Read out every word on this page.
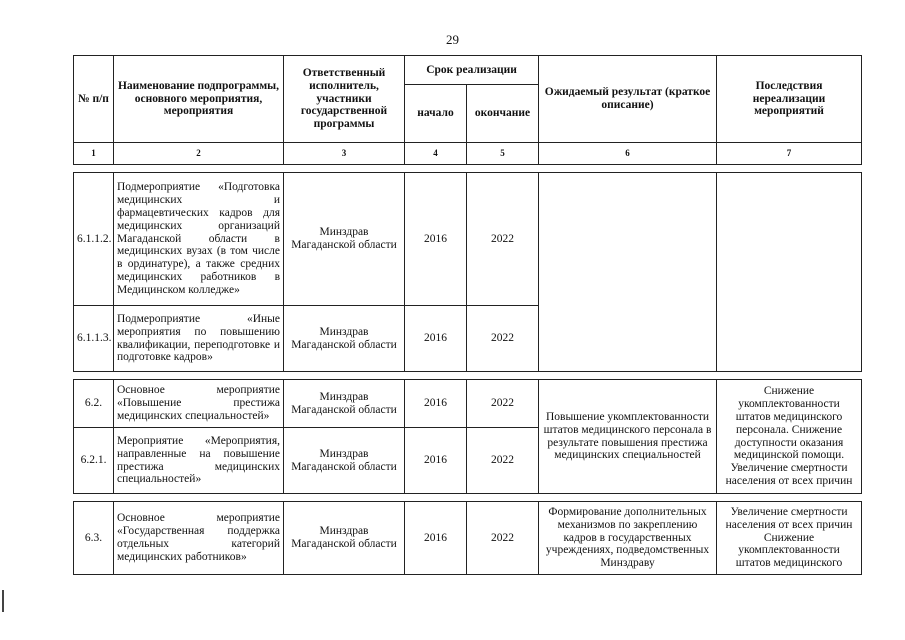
29
№ п/п	Наименование подпрограммы, основного мероприятия, мероприятия	Ответственный исполнитель, участники государственной программы	Срок реализации		Ожидаемый результат (краткое описание)	Последствия нереализации мероприятий
			начало	окончание		
1	2	3	4	5	6	7

6.1.1.2.	Подмероприятие «Подготовка медицинских и фармацевтических кадров для медицинских организаций Магаданской области в медицинских вузах (в том числе в ординатуре), а также средних медицинских работников в Медицинском колледже»	Минздрав Магаданской области	2016	2022		
6.1.1.3.	Подмероприятие «Иные мероприятия по повышению квалификации, переподготовке и подготовке кадров»	Минздрав Магаданской области	2016	2022		

6.2.	Основное мероприятие «Повышение престижа медицинских специальностей»	Минздрав Магаданской области	2016	2022	Повышение укомплектованности штатов медицинского персонала в результате повышения престижа медицинских специальностей	Снижение укомплектованности штатов медицинского персонала. Снижение доступности оказания медицинской помощи. Увеличение смертности населения от всех причин
6.2.1.	Мероприятие «Мероприятия, направленные на повышение престижа медицинских специальностей»	Минздрав Магаданской области	2016	2022		

6.3.	Основное мероприятие «Государственная поддержка отдельных категорий медицинских работников»	Минздрав Магаданской области	2016	2022	Формирование дополнительных механизмов по закреплению кадров в государственных учреждениях, подведомственных Минздраву	Увеличение смертности населения от всех причин Снижение укомплектованности штатов медицинского
